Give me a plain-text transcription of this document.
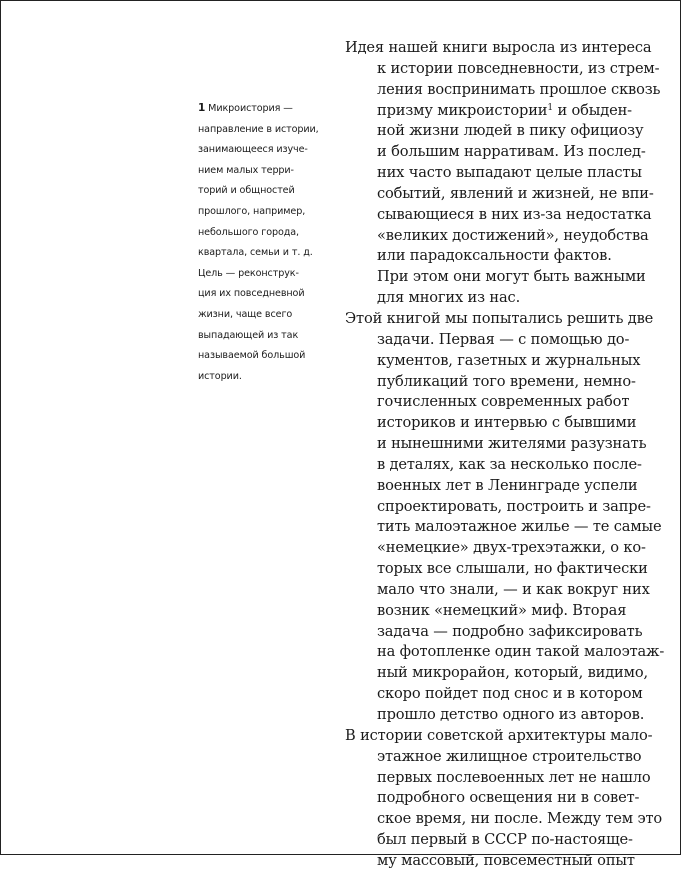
1 Микроистория —
направление в истории,
занимающееся изуче-
нием малых терри-
торий и общностей
прошлого, например,
небольшого города,
квартала, семьи и т. д.
Цель — реконструк-
ция их повседневной
жизни, чаще всего
выпадающей из так
называемой большой
истории.
Идея нашей книги выросла из интереса
к истории повседневности, из стрем-
ления воспринимать прошлое сквозь
призму микроистории$^1$ и обыден-
ной жизни людей в пику официозу
и большим нарративам. Из послед-
них часто выпадают целые пласты
событий, явлений и жизней, не впи-
сывающиеся в них из-за недостатка
«великих достижений», неудобства
или парадоксальности фактов.
При этом они могут быть важными
для многих из нас.
Этой книгой мы попытались решить две
задачи. Первая — с помощью до-
кументов, газетных и журнальных
публикаций того времени, немно-
гочисленных современных работ
историков и интервью с бывшими
и нынешними жителями разузнать
в деталях, как за несколько после-
военных лет в Ленинграде успели
спроектировать, построить и запре-
тить малоэтажное жилье — те самые
«немецкие» двух-трехэтажки, о ко-
торых все слышали, но фактически
мало что знали, — и как вокруг них
возник «немецкий» миф. Вторая
задача — подробно зафиксировать
на фотопленке один такой малоэтаж-
ный микрорайон, который, видимо,
скоро пойдет под снос и в котором
прошло детство одного из авторов.
В истории советской архитектуры мало-
этажное жилищное строительство
первых послевоенных лет не нашло
подробного освещения ни в совет-
ское время, ни после. Между тем это
был первый в СССР по-настояще-
му массовый, повсеместный опыт
